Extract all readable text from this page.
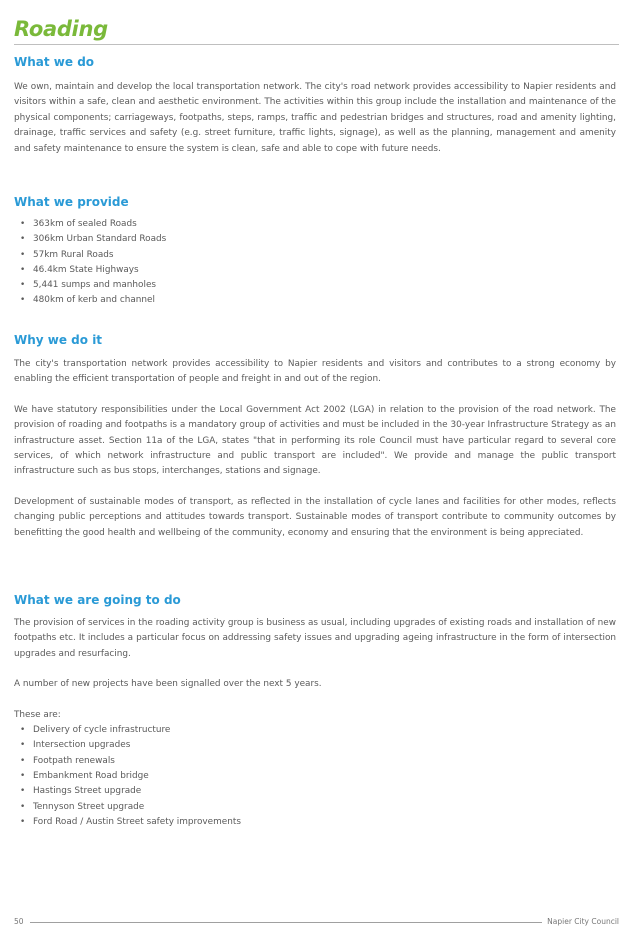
Roading
What we do

We own, maintain and develop the local transportation network. The city's road network provides accessibility to Napier residents and visitors within a safe, clean and aesthetic environment. The activities within this group include the installation and maintenance of the physical components; carriageways, footpaths, steps, ramps, traffic and pedestrian bridges and structures, road and amenity lighting, drainage, traffic services and safety (e.g. street furniture, traffic lights, signage), as well as the planning, management and amenity and safety maintenance to ensure the system is clean, safe and able to cope with future needs.

What we provide
• 363km of sealed Roads
• 306km Urban Standard Roads
• 57km Rural Roads
• 46.4km State Highways
• 5,441 sumps and manholes
• 480km of kerb and channel
Why we do it

The city's transportation network provides accessibility to Napier residents and visitors and contributes to a strong economy by enabling the efficient transportation of people and freight in and out of the region.

We have statutory responsibilities under the Local Government Act 2002 (LGA) in relation to the provision of the road network. The provision of roading and footpaths is a mandatory group of activities and must be included in the 30-year Infrastructure Strategy as an infrastructure asset. Section 11a of the LGA, states "that in performing its role Council must have particular regard to several core services, of which network infrastructure and public transport are included". We provide and manage the public transport infrastructure such as bus stops, interchanges, stations and signage.

Development of sustainable modes of transport, as reflected in the installation of cycle lanes and facilities for other modes, reflects changing public perceptions and attitudes towards transport. Sustainable modes of transport contribute to community outcomes by benefitting the good health and wellbeing of the community, economy and ensuring that the environment is being appreciated.

What we are going to do

The provision of services in the roading activity group is business as usual, including upgrades of existing roads and installation of new footpaths etc. It includes a particular focus on addressing safety issues and upgrading ageing infrastructure in the form of intersection upgrades and resurfacing.

A number of new projects have been signalled over the next 5 years.

These are:

• Delivery of cycle infrastructure
• Intersection upgrades
• Footpath renewals
• Embankment Road bridge
• Hastings Street upgrade
• Tennyson Street upgrade
• Ford Road / Austin Street safety improvements
50	Napier City Council
